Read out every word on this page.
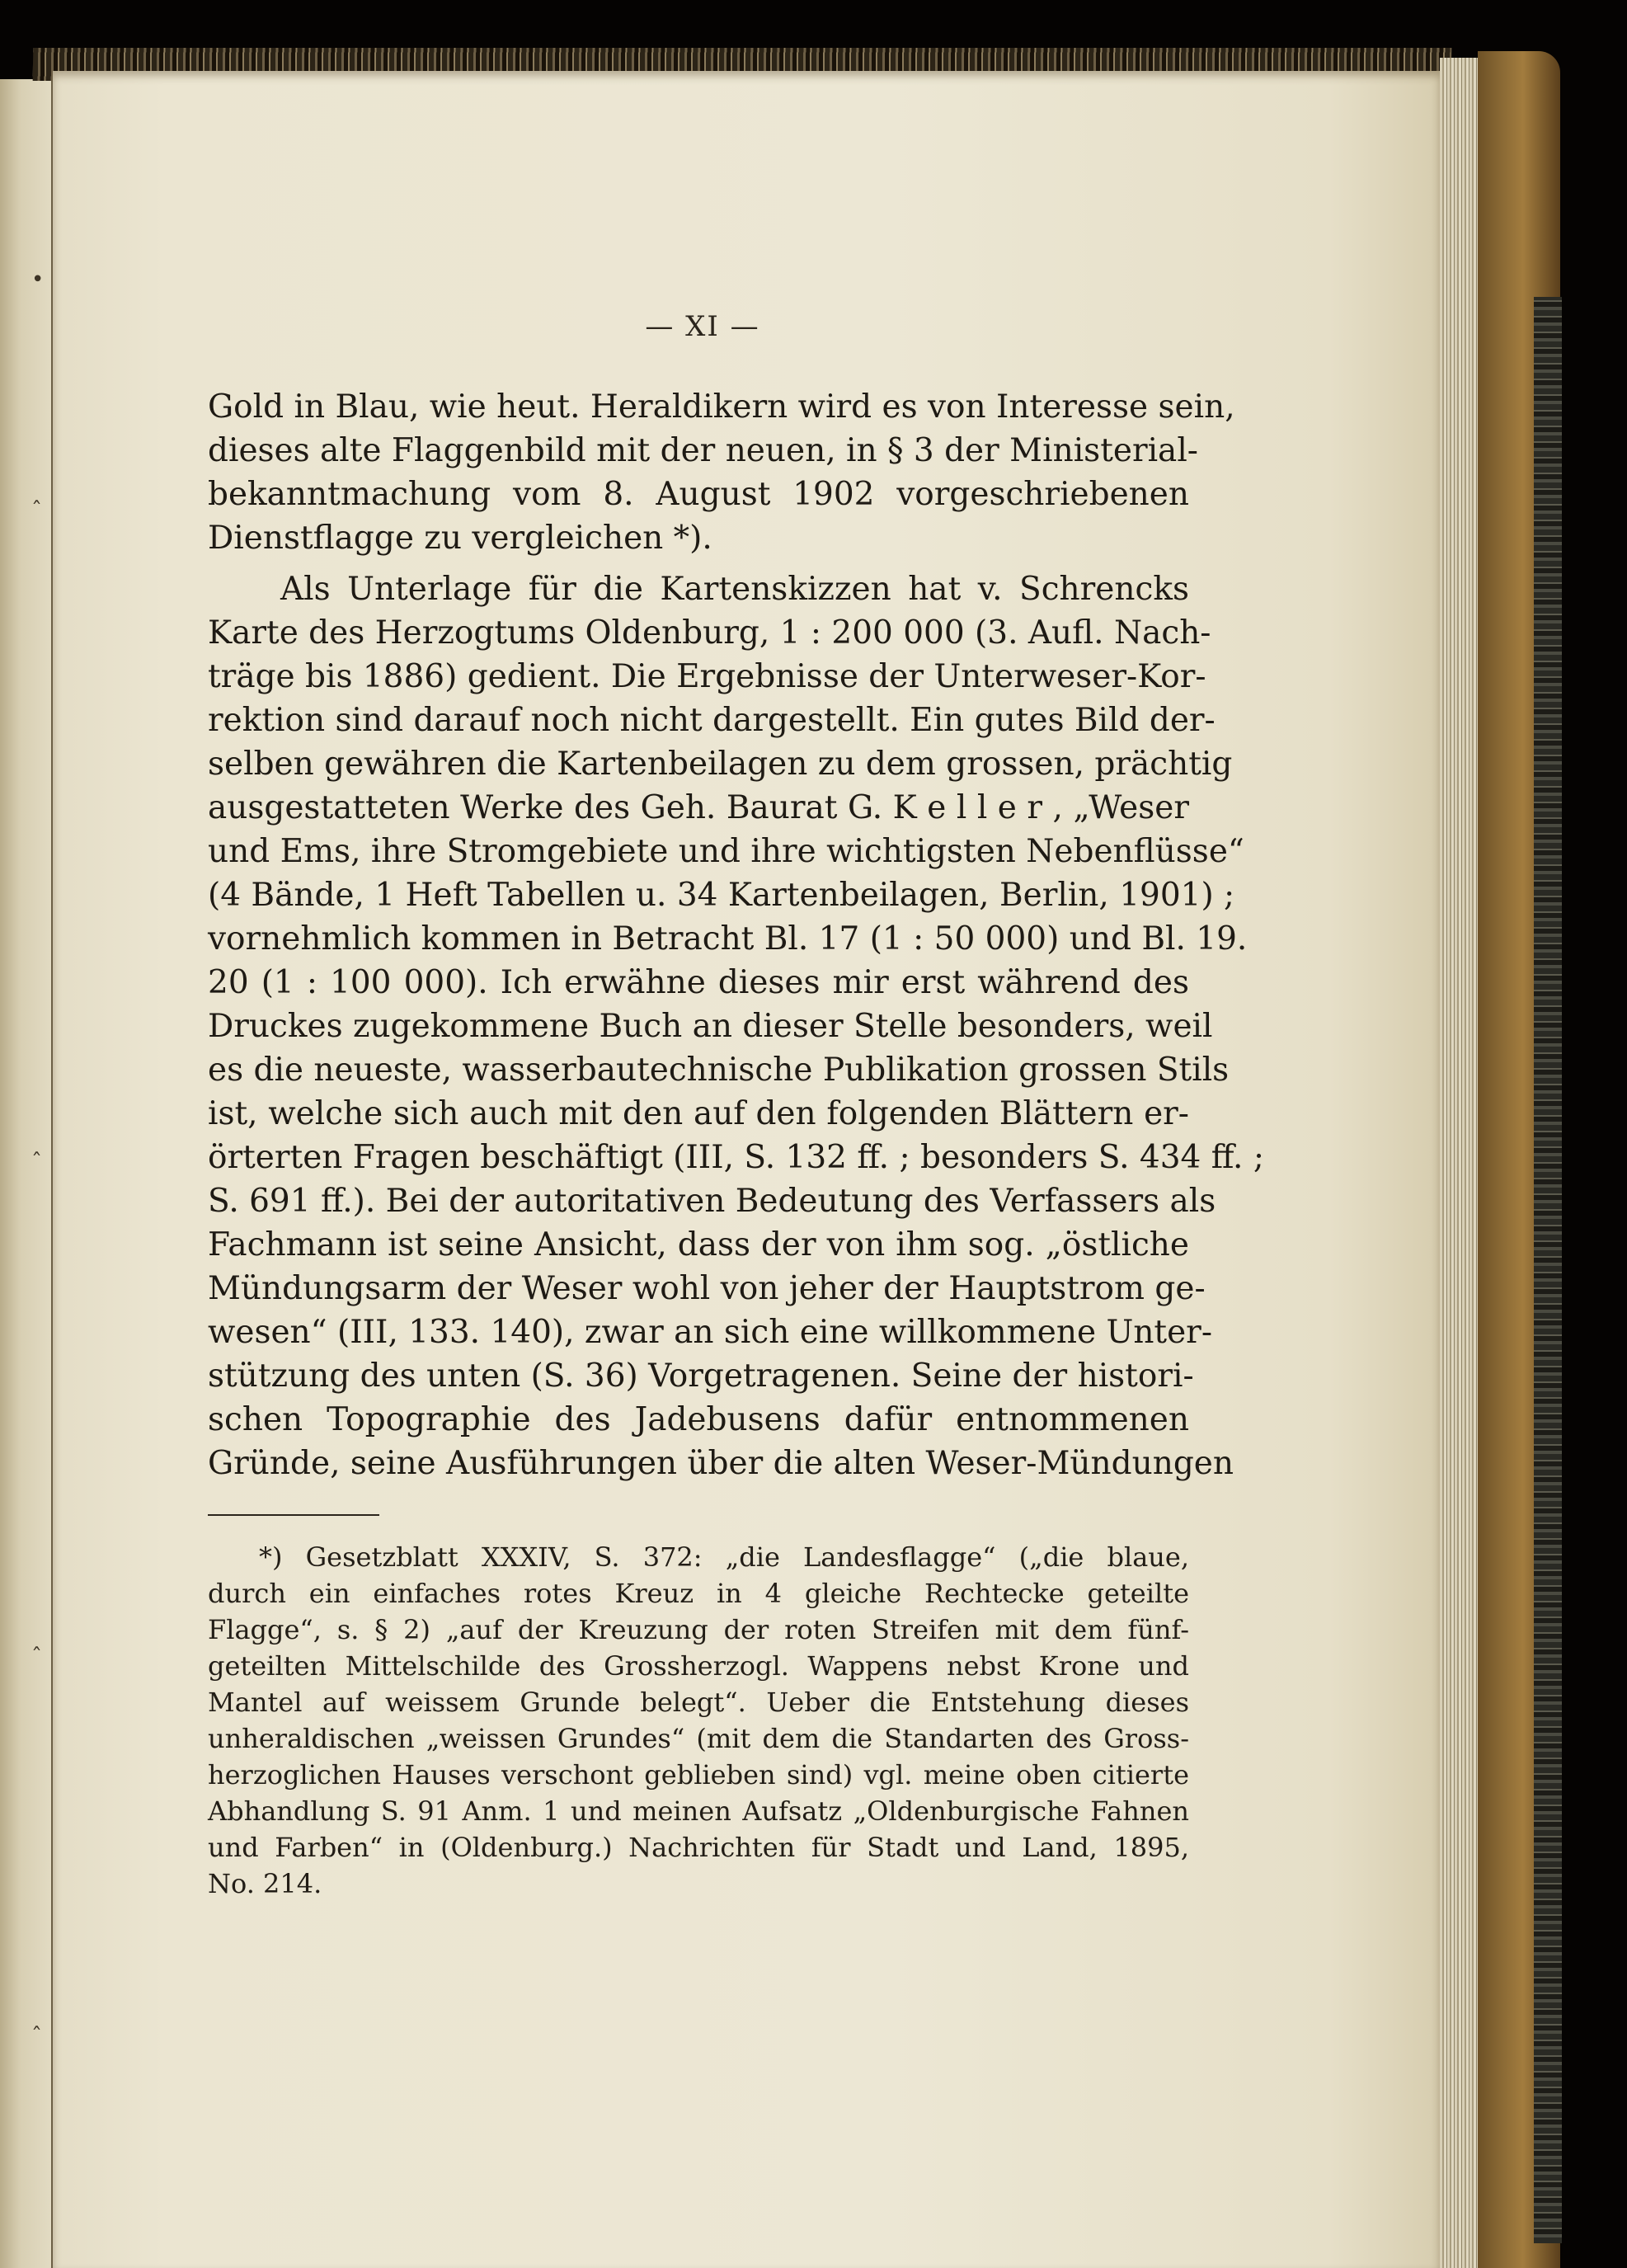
•
ˆ
ˆ
ˆ
ˆ
— XI —
Gold in Blau, wie heut. Heraldikern wird es von Interesse sein,
dieses alte Flaggenbild mit der neuen, in § 3 der Ministerial-
bekanntmachung vom 8. August 1902 vorgeschriebenen
Dienstflagge zu vergleichen *).
Als Unterlage für die Kartenskizzen hat v. Schrencks
Karte des Herzogtums Oldenburg, 1 : 200 000 (3. Aufl. Nach-
träge bis 1886) gedient. Die Ergebnisse der Unterweser-Kor-
rektion sind darauf noch nicht dargestellt. Ein gutes Bild der-
selben gewähren die Kartenbeilagen zu dem grossen, prächtig
ausgestatteten Werke des Geh. Baurat G. K e l l e r , „Weser
und Ems, ihre Stromgebiete und ihre wichtigsten Nebenflüsse“
(4 Bände, 1 Heft Tabellen u. 34 Kartenbeilagen, Berlin, 1901) ;
vornehmlich kommen in Betracht Bl. 17 (1 : 50 000) und Bl. 19.
20 (1 : 100 000). Ich erwähne dieses mir erst während des
Druckes zugekommene Buch an dieser Stelle besonders, weil
es die neueste, wasserbautechnische Publikation grossen Stils
ist, welche sich auch mit den auf den folgenden Blättern er-
örterten Fragen beschäftigt (III, S. 132 ff. ; besonders S. 434 ff. ;
S. 691 ff.). Bei der autoritativen Bedeutung des Verfassers als
Fachmann ist seine Ansicht, dass der von ihm sog. „östliche
Mündungsarm der Weser wohl von jeher der Hauptstrom ge-
wesen“ (III, 133. 140), zwar an sich eine willkommene Unter-
stützung des unten (S. 36) Vorgetragenen. Seine der histori-
schen Topographie des Jadebusens dafür entnommenen
Gründe, seine Ausführungen über die alten Weser-Mündungen
*) Gesetzblatt XXXIV, S. 372: „die Landesflagge“ („die blaue,
durch ein einfaches rotes Kreuz in 4 gleiche Rechtecke geteilte
Flagge“, s. § 2) „auf der Kreuzung der roten Streifen mit dem fünf-
geteilten Mittelschilde des Grossherzogl. Wappens nebst Krone und
Mantel auf weissem Grunde belegt“. Ueber die Entstehung dieses
unheraldischen „weissen Grundes“ (mit dem die Standarten des Gross-
herzoglichen Hauses verschont geblieben sind) vgl. meine oben citierte
Abhandlung S. 91 Anm. 1 und meinen Aufsatz „Oldenburgische Fahnen
und Farben“ in (Oldenburg.) Nachrichten für Stadt und Land, 1895,
No. 214.
